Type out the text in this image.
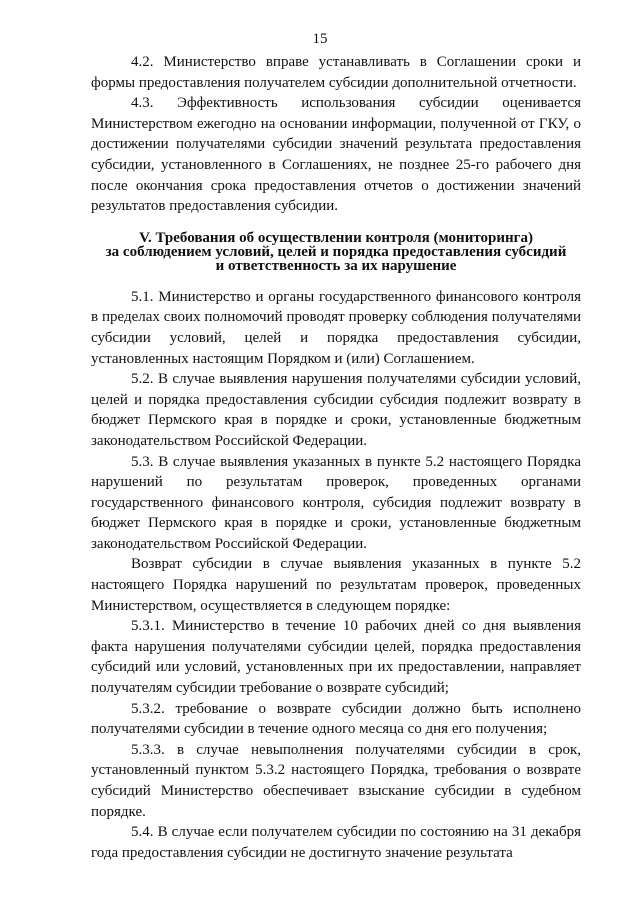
15

4.2. Министерство вправе устанавливать в Соглашении сроки и формы предоставления получателем субсидии дополнительной отчетности.

4.3. Эффективность использования субсидии оценивается Министерством ежегодно на основании информации, полученной от ГКУ, о достижении получателями субсидии значений результата предоставления субсидии, установленного в Соглашениях, не позднее 25-го рабочего дня после окончания срока предоставления отчетов о достижении значений результатов предоставления субсидии.

V. Требования об осуществлении контроля (мониторинга)
за соблюдением условий, целей и порядка предоставления субсидий
и ответственность за их нарушение

5.1. Министерство и органы государственного финансового контроля в пределах своих полномочий проводят проверку соблюдения получателями субсидии условий, целей и порядка предоставления субсидии, установленных настоящим Порядком и (или) Соглашением.

5.2. В случае выявления нарушения получателями субсидии условий, целей и порядка предоставления субсидии субсидия подлежит возврату в бюджет Пермского края в порядке и сроки, установленные бюджетным законодательством Российской Федерации.

5.3. В случае выявления указанных в пункте 5.2 настоящего Порядка нарушений по результатам проверок, проведенных органами государственного финансового контроля, субсидия подлежит возврату в бюджет Пермского края в порядке и сроки, установленные бюджетным законодательством Российской Федерации.

Возврат субсидии в случае выявления указанных в пункте 5.2 настоящего Порядка нарушений по результатам проверок, проведенных Министерством, осуществляется в следующем порядке:

5.3.1. Министерство в течение 10 рабочих дней со дня выявления факта нарушения получателями субсидии целей, порядка предоставления субсидий или условий, установленных при их предоставлении, направляет получателям субсидии требование о возврате субсидий;

5.3.2. требование о возврате субсидии должно быть исполнено получателями субсидии в течение одного месяца со дня его получения;

5.3.3. в случае невыполнения получателями субсидии в срок, установленный пунктом 5.3.2 настоящего Порядка, требования о возврате субсидий Министерство обеспечивает взыскание субсидии в судебном порядке.

5.4. В случае если получателем субсидии по состоянию на 31 декабря года предоставления субсидии не достигнуто значение результата
